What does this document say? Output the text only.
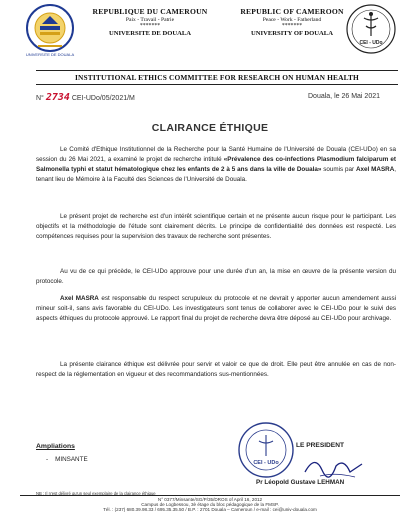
UNIVERSITE DE DOUALA
REPUBLIQUE DU CAMEROUN
Paix - Travail - Patrie
*******
UNIVERSITE DE DOUALA
REPUBLIC OF CAMEROON
Peace - Work - Fatherland
*******
UNIVERSITY OF DOUALA
CEI - UDo
INSTITUTIONAL ETHICS COMMITTEE FOR RESEARCH ON HUMAN HEALTH
N° 2734 CEI-UDo/05/2021/M	Douala, le 26 Mai 2021
CLAIRANCE ÉTHIQUE

Le Comité d'Ethique Institutionnel de la Recherche pour la Santé Humaine de l'Université de Douala (CEI-UDo) en sa session du 26 Mai 2021, a examiné le projet de recherche intitulé «Prévalence des co-infections Plasmodium falciparum et Salmonella typhi et statut hématologique chez les enfants de 2 à 5 ans dans la ville de Douala» soumis par Axel MASRA, tenant lieu de Mémoire à la Faculté des Sciences de l'Université de Douala.

Le présent projet de recherche est d'un intérêt scientifique certain et ne présente aucun risque pour le participant. Les objectifs et la méthodologie de l'étude sont clairement décrits. Le principe de confidentialité des données est respecté. Les compétences requises pour la supervision des travaux de recherche sont présentes.

Au vu de ce qui précède, le CEI-UDo approuve pour une durée d'un an, la mise en œuvre de la présente version du protocole.

Axel MASRA est responsable du respect scrupuleux du protocole et ne devrait y apporter aucun amendement aussi mineur soit-il, sans avis favorable du CEI-UDo. Les investigateurs sont tenus de collaborer avec le CEI-UDo pour le suivi des aspects éthiques du protocole approuvé. Le rapport final du projet de recherche devra être déposé au CEI-UDo pour archivage.

La présente clairance éthique est délivrée pour servir et valoir ce que de droit. Elle peut être annulée en cas de non-respect de la réglementation en vigueur et des recommandations sus-mentionnées.

Ampliations
-    MINSANTE
LE PRESIDENT
CEI - UDo
Pr Léopold Gustave LEHMAN
NB : Il n'est délivré qu'un seul exemplaire de la clairance éthique
N° 0377/Minsante/SG/P/35/DROS of April 16, 2012
Campus de Logbessou, 3è étage du bloc pédagogique de la FMSP.
Tél. : (237) 680.39.98.33 / 695.35.35.50 / B.P. : 2701 Douala – Cameroun / e-mail : cei@univ-douala.com
